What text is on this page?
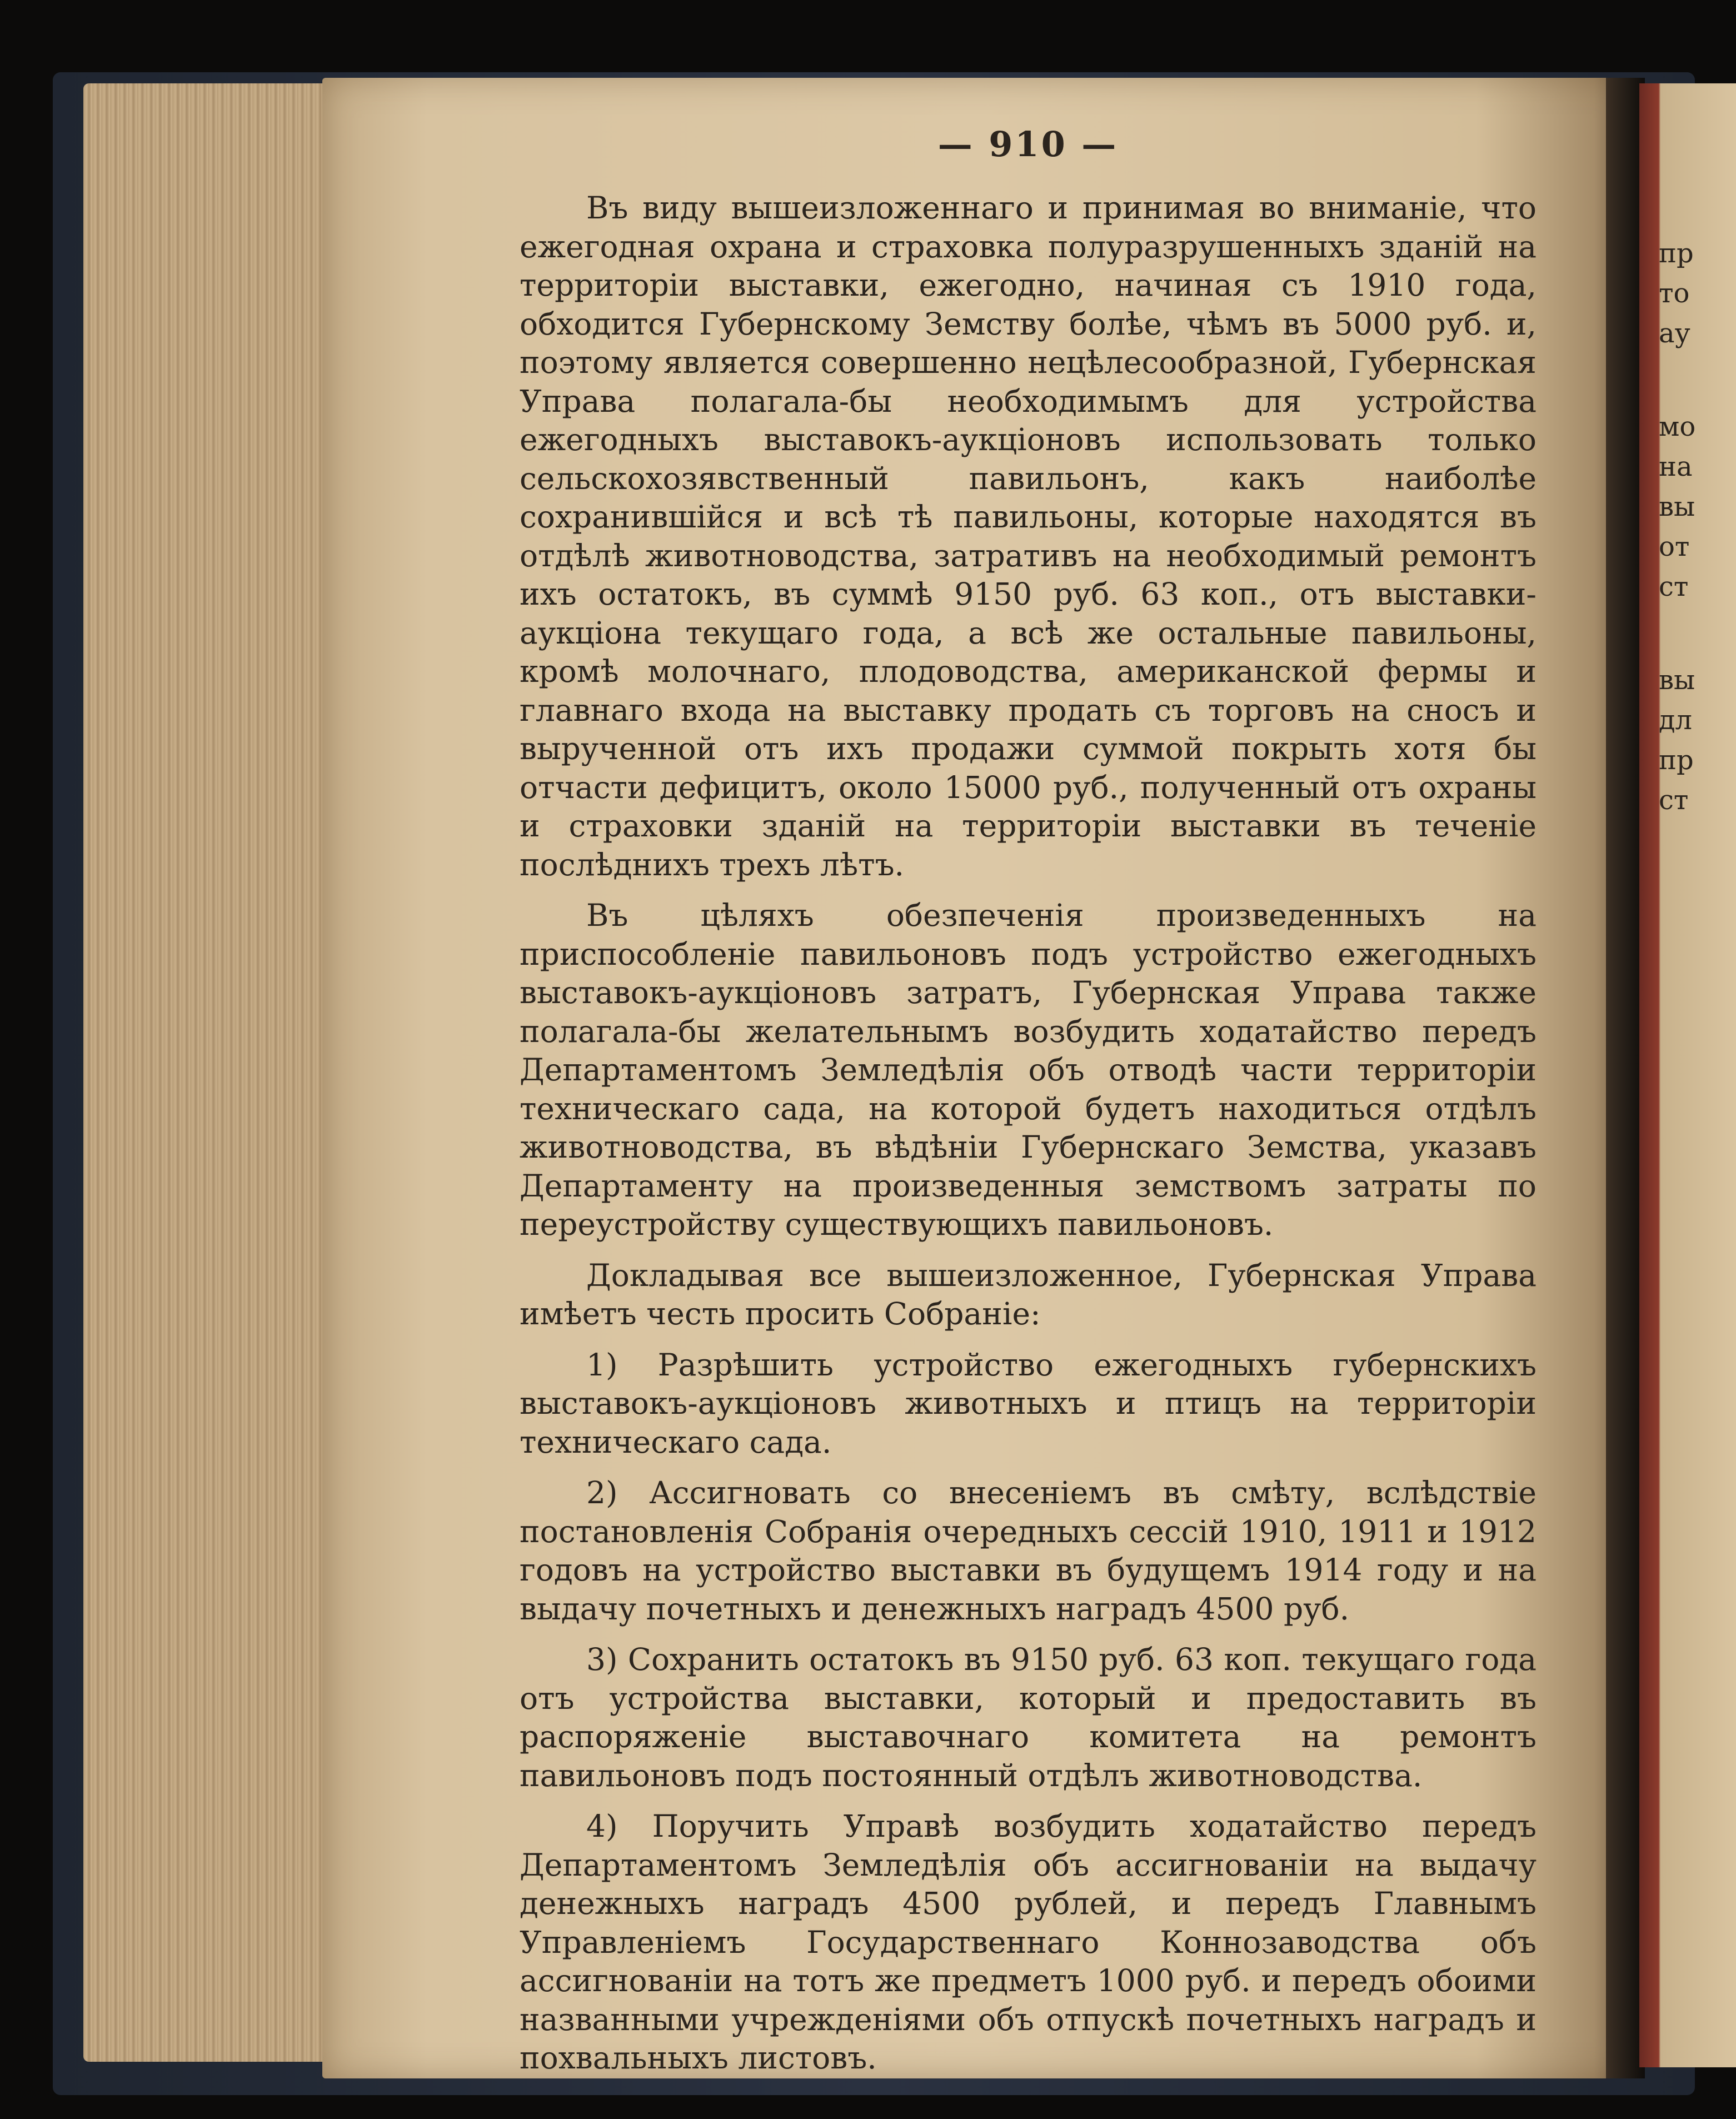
пр
то
ау
мо
на
вы
от
ст
вы
дл
пр
ст
— 910 —

Въ виду вышеизложеннаго и принимая во вниманіе, что ежегодная охрана и страховка полуразрушенныхъ зданій на территоріи выставки, ежегодно, начиная съ 1910 года, обходится Губернскому Земству болѣе, чѣмъ въ 5000 руб. и, поэтому является совершенно нецѣлесообразной, Губернская Управа полагала-бы необходимымъ для устройства ежегодныхъ выставокъ-аукціоновъ использовать только сельскохозявственный павильонъ, какъ наиболѣе сохранившійся и всѣ тѣ павильоны, которые находятся въ отдѣлѣ животноводства, затративъ на необходимый ремонтъ ихъ остатокъ, въ суммѣ 9150 руб. 63 коп., отъ выставки-аукціона текущаго года, а всѣ же остальные павильоны, кромѣ молочнаго, плодоводства, американской фермы и главнаго входа на выставку продать съ торговъ на сносъ и вырученной отъ ихъ продажи суммой покрыть хотя бы отчасти дефицитъ, около 15000 руб., полученный отъ охраны и страховки зданій на территоріи выставки въ теченіе послѣднихъ трехъ лѣтъ.

Въ цѣляхъ обезпеченія произведенныхъ на приспособленіе павильоновъ подъ устройство ежегодныхъ выставокъ-аукціоновъ затратъ, Губернская Управа также полагала-бы желательнымъ возбудить ходатайство передъ Департаментомъ Земледѣлія объ отводѣ части территоріи техническаго сада, на которой будетъ находиться отдѣлъ животноводства, въ вѣдѣніи Губернскаго Земства, указавъ Департаменту на произведенныя земствомъ затраты по переустройству существующихъ павильоновъ.

Докладывая все вышеизложенное, Губернская Управа имѣетъ честь просить Собраніе:

1) Разрѣшить устройство ежегодныхъ губернскихъ выставокъ-аукціоновъ животныхъ и птицъ на территоріи техническаго сада.

2) Ассигновать со внесеніемъ въ смѣту, вслѣдствіе постановленія Собранія очередныхъ сессій 1910, 1911 и 1912 годовъ на устройство выставки въ будущемъ 1914 году и на выдачу почетныхъ и денежныхъ наградъ 4500 руб.

3) Сохранить остатокъ въ 9150 руб. 63 коп. текущаго года отъ устройства выставки, который и предоставить въ распоряженіе выставочнаго комитета на ремонтъ павильоновъ подъ постоянный отдѣлъ животноводства.

4) Поручить Управѣ возбудить ходатайство передъ Департаментомъ Земледѣлія объ ассигнованіи на выдачу денежныхъ наградъ 4500 рублей, и передъ Главнымъ Управленіемъ Государственнаго Коннозаводства объ ассигнованіи на тотъ же предметъ 1000 руб. и передъ обоими названными учрежденіями объ отпускѣ почетныхъ наградъ и похвальныхъ листовъ.
